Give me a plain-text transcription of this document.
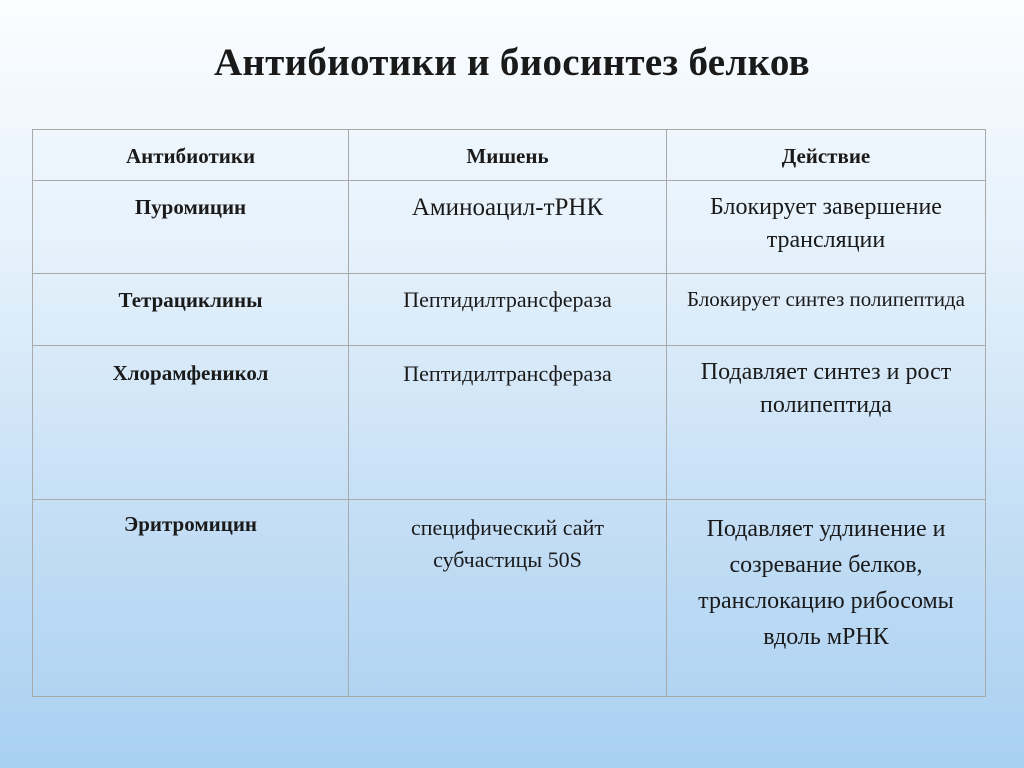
Антибиотики и биосинтез белков
Антибиотики	Мишень	Действие
Пуромицин	Аминоацил-тРНК	Блокирует завершение трансляции
Тетрациклины	Пептидилтрансфераза	Блокирует синтез полипептида
Хлорамфеникол	Пептидилтрансфераза	Подавляет синтез и рост полипептида
Эритромицин	специфический сайт субчастицы 50S	Подавляет удлинение и созревание белков, транслокацию рибосомы вдоль мРНК
